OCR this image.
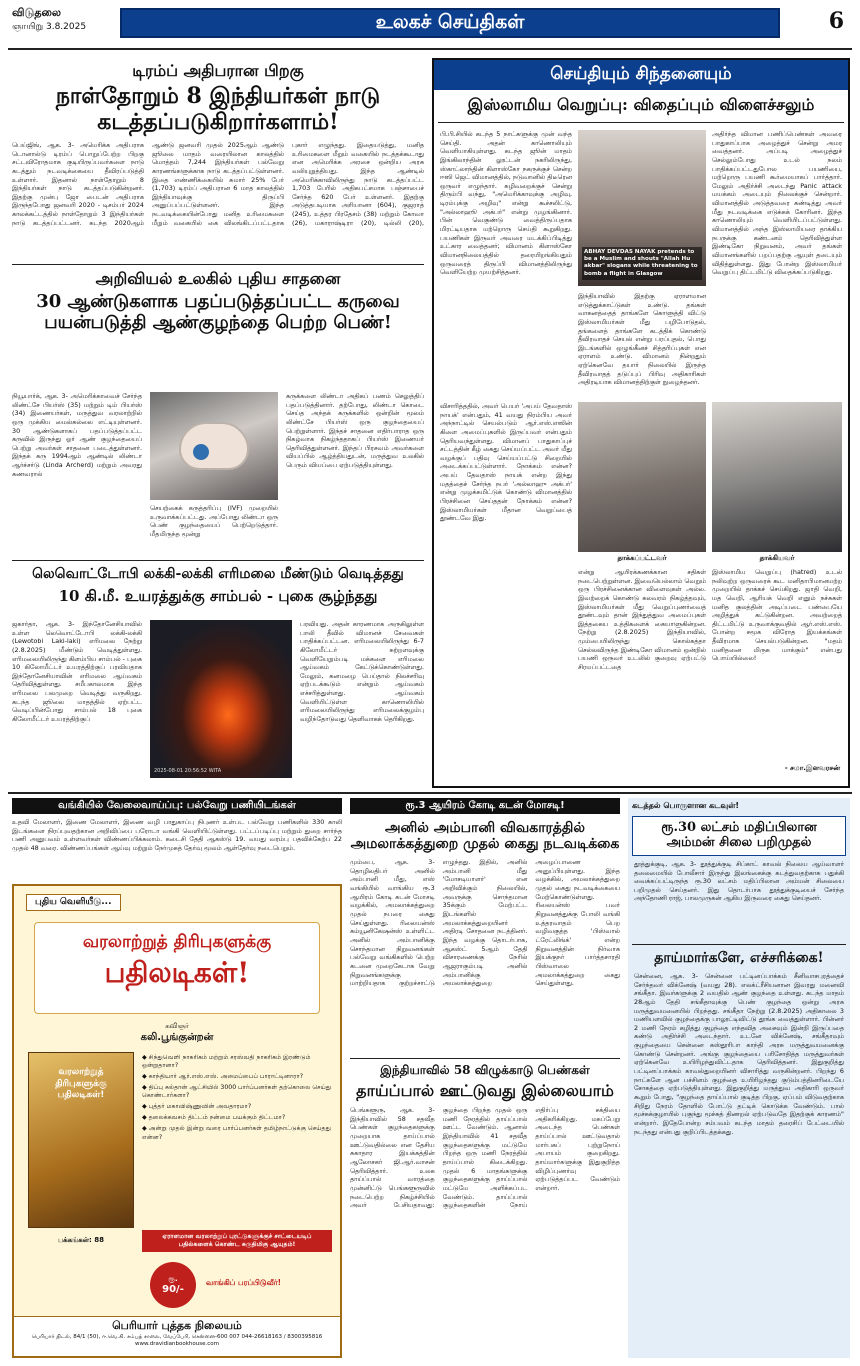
விடுதலை
ஞாயிறு 3.8.2025	உலகச் செய்திகள்	6
டிரம்ப் அதிபரான பிறகு
நாள்தோறும் 8 இந்தியர்கள் நாடு கடத்தப்படுகிறார்களாம்!
பெய்ஜிங், ஆக. 3- அமெரிக்க அதிபராக டொனால்டு டிரம்ப் பொறுப்பேற்ற பிறகு சட்டவிரோதமாக குடியிருப்பவர்களை நாடு கடத்தும் நடவடிக்கையை தீவிரப்படுத்தி உள்ளார். இதனால் நாள்தோறும் 8 இந்தியர்கள் நாடு கடத்தப்படுகின்றனர். இதற்கு முன்பு ஜோ பைடன் அதிபராக இருந்தபோது ஜனவரி 2020 - டிசம்பர் 2024 காலக்கட்டத்தில் நாள்தோறும் 3 இந்தியர்கள் நாடு கடத்தப்பட்டனர். கடந்த 2020ஆம் ஆண்டு ஜனவரி முதல் 2025ஆம் ஆண்டு ஜூலை மாதம் வரையிலான காலத்தில் மொத்தம் 7,244 இந்தியர்கள் பல்வேறு காரணங்களுக்காக நாடு கடத்தப்பட்டுள்ளனர். இதை எண்ணிக்கையில் சுமார் 25% பேர் (1,703) டிரம்ப் அதிபரான 6 மாத காலத்தில் இந்தியாவுக்கு திருப்பி அனுப்பப்பட்டுள்ளனர். இந்த நடவடிக்கையின்போது மனித உரிமைகளை மீறும் வகையில் கை விலங்கிடப்பட்டதாக புகார் எழுந்தது. இதையடுத்து, மனித உரிமைகளை மீறும் வகையில் நடத்தக்கூடாது என அமெரிக்க அரசை ஒன்றிய அரசு வலியுறுத்தியது. இந்த ஆண்டில் அமெரிக்காவிலிருந்து நாடு கடத்தப்பட்ட 1,703 பேரில் அதிகபட்சமாக பஞ்சாபைச் சேர்ந்த 620 பேர் உள்ளனர். இதற்கு அடுத்தபடியாக அரியானா (604), குஜராத் (245), உத்தர பிரதேசம் (38) மற்றும் கோவா (26), மகாராஷ்டிரா (20), டில்லி (20),
அறிவியல் உலகில் புதிய சாதனை
30 ஆண்டுகளாக பதப்படுத்தப்பட்ட கருவை பயன்படுத்தி ஆண்குழந்தை பெற்ற பெண்!
நியூயார்க், ஆக. 3- அமெரிக்காவைச் சேர்ந்த லிண்ட்சே பியர்ஸ் (35) மற்றும் டிம் பியர்ஸ் (34) இணையர்கள், மருத்துவ வரலாற்றில் ஒரு முக்கிய மைல்கல்லை எட்டியுள்ளனர். 30 ஆண்டுகளாகப் பதப்படுத்தப்பட்ட கருவில் இருந்து ஓர் ஆண் குழந்தையைப் பெற்று அவர்கள் சாதனை படைத்துள்ளனர். இந்தக் கரு 1994ஆம் ஆண்டில் லிண்டா ஆர்ச்சர்டு (Linda Archerd) மற்றும் அவரது கணவரால்
செயற்கைக் கருத்தரிப்பு (IVF) முறையில் உருவாக்கப்பட்டது. அப்போது லிண்டா ஒரு பெண் குழந்தையைப் பெற்றெடுத்தார். மீதமிருந்த மூன்று
கருக்களை லிண்டா அதிகப் பணம் செலுத்திப் பதப்படுத்தினார். தற்போது, லிண்டா கொடை செய்த அந்தக் கருக்களில் ஒன்றின் மூலம் லிண்ட்சே பியர்ஸ் ஒரு குழந்தையைப் பெற்றுள்ளார். இந்தச் சாதனை எதிர்பாராத ஒரு நிகழ்வாக நிகழ்ந்ததாகப் பியர்ஸ் இணையர் தெரிவித்துள்ளனர். இந்தப் பிரசவம் அவர்களை வியப்பில் ஆழ்த்தியதுடன், மருத்துவ உலகில் பெரும் வியப்பை ஏற்படுத்தியுள்ளது.
லெவொட்டோபி லக்கி-லக்கி எரிமலை மீண்டும் வெடித்தது
10 கி.மீ. உயரத்துக்கு சாம்பல் - புகை சூழ்ந்தது
ஜகார்தா, ஆக. 3- இந்தோனேசியாவில் உள்ள லெவொட்டோபி லக்கி-லக்கி (Lewotobi Laki-laki) எரிமலை நேற்று (2.8.2025) மீண்டும் வெடித்துள்ளது. எரிமலையிலிருந்து கிளம்பிய சாம்பல் - புகை 10 கிலோமீட்டர் உயரத்திற்குப் பரவியதாக இந்தோனேசியாவின் எரிமலை ஆய்வகம் தெரிவித்துள்ளது. சமீபகாலமாக இந்த எரிமலை பலமுறை வெடித்து வருகிறது. கடந்த ஜூலை மாதத்தில் ஏற்பட்ட வெடிப்பின்போது சாம்பல் 18 புகை கிலோமீட்டர் உயரத்திற்குப்
2025-08-01 20:56:52 WITA
பரவியது. அதன் காரணமாக அருகிலுள்ள பாலி தீவில் விமானச் சேவைகள் பாதிக்கப்பட்டன. எரிமலையிலிருந்து 6-7 கிலோமீட்டர் சுற்றளவுக்கு வெளியேறும்படி மக்களை எரிமலை ஆய்வகம் கேட்டுக்கொண்டுள்ளது. மேலும், கனமழை பெய்தால் நிலச்சரிவு ஏற்படக்கூடும் என்றும் ஆய்வகம் எச்சரித்துள்ளது. ஆய்வகம் வெளியிட்டுள்ள காணொலியில் எரிமலையிலிருந்து எரிமலைக்குழம்பு வழிந்தோடுவது தெளிவாகக் தெரிகிறது.
செய்தியும் சிந்தனையும்
இஸ்லாமிய வெறுப்பு: விதைப்பும் விளைச்சலும்
பி.பி.சியில் கடந்த 5 நாட்களுக்கு முன் வந்த செய்தி. அதன் காணொலியும் வெளியாகியுள்ளது. கடந்த ஜூன் மாதம் இங்கிலாந்தின் லூட்டன் நகரிலிருந்து, ஸ்காட்லாந்தின் கிளாஸ்கோ நகருக்குச் சென்ற ஈஸி ஜெட் விமானத்தில், நடுவானில் திடீரென ஒருவர் எழுந்தார். கழிவறைக்குச் சென்று திரும்பி வந்து, "அமெரிக்காவுக்கு அழிவு, டிரம்புக்கு அழிவு" என்று கூச்சலிட்டு, "அல்லாஹூ அக்பர்" என்று முழங்கினார். பின் வெகுண்டு வைத்திருப்பதாக மிரட்டியதாக மற்றொரு செய்தி கூறுகிறது. பயணிகள் இருவர் அவரை மடக்கிப்பிடித்து உட்கார வைத்தனர்; விமானம் கிளாஸ்கோ விமானநிலையத்தில் தரையிறங்கியதும் ஒருவரைத் திருப்பி விமானத்திலிருந்து வெளியேற்ற முயற்சித்தனர்.
ABHAY DEVDAS NAYAK pretends to be a Muslim and shouts "Allah Hu akbar" slogans while threatening to bomb a flight in Glasgow
இந்தியாவில் இதற்கு ஏராளமான எடுத்துக்காட்டுகள் உண்டு. தங்கள் வாகனத்தைத் தாங்களே கொளுத்தி விட்டு இஸ்லாமியர்கள் மீது பழிபோடுதல், தங்களைத் தாங்களே கடத்திக் கொண்டு தீவிரவாதச் செயல் என்று பரப்புதல், பொது இடங்களில் ஒழுங்கீனச் சித்தரிப்புகள் என ஏராளம் உண்டு. விமானம் நின்றதும் ஏற்கெனவே தயார் நிலையில் இருந்த தீவிரவாதத் தடுப்புப் பிரிவு அதிகாரிகள் அதிரடியாக விமானத்திற்குள் நுழைந்தனர்.
அதிர்ந்த விமான பணிப்பெண்கள் அவரை பாதுகாப்பாக அழைத்துச் சென்று அமர வைத்தனர். அப்படி அழைத்துச் செல்லும்போது உடல் நலம் பாதிக்கப்பட்டதுபோல பயணியை, மற்றொரு பயணி கூர்மையாகப் பார்த்தார். மேலும் அதிர்ச்சி அடைந்து Panic attack மயக்கம் அடையும் நிலைக்குச் சென்றார். விமானத்தில் அடுத்தவரை கண்டித்து அவர் மீது நடவடிக்கை எடுக்கக் கோரினர். இந்த காணொலியும் வெளியிடப்பட்டுள்ளது. விமானத்தில் அந்த இஸ்லாமியரை தாக்கிய நபருக்கு கண்டனம் தெரிவித்துள்ள இண்டிகோ நிறுவனம், அவர் தங்கள் விமானங்களில் பறப்பதற்கு ஆயுள் தடையும் விதித்துள்ளது. இது போன்ற இஸ்லாமியர் வெறுப்பு திட்டமிட்டு விதைக்கப்படுகிறது.
விசாரித்ததில், அவர் பெயர் 'அபய் தேவதாஸ் நாயக்' என்பதும், 41 வயது நிரம்பிய அவர் அந்நாட்டில் செயல்படும் ஆர்.எஸ்.எஸின் கிளை அமைப்புகளில் இருப்பவர் என்பதும் தெரியவந்துள்ளது. விமானப் பாதுகாப்புச் சட்டத்தின் கீழ் கைது செய்யப்பட்ட அவர் மீது வழக்குப் பதிவு செய்யப்பட்டு சிறையில் அடைக்கப்பட்டுள்ளார். நோக்கம் என்ன? அபய் தேவதாஸ் நாயக் என்ற இந்து மதத்தைச் சேர்ந்த நபர் 'அல்லாஹு அக்பர்' என்று முழக்கமிட்டுக் கொண்டு விமானத்தில் பிரச்சினை செய்ததன் நோக்கம் என்ன? இஸ்லாமியர்கள் மீதான வெறுப்பைத் தூண்டவே இது.
தாக்கப்பட்டவர்	தாக்கியவர்
என்று ஆயிரக்கணக்கான சதிகள் நடைபெற்றுள்ளன. இவையெல்லாம் வெறும் ஒரு பிரச்சினைக்கான விளைவுகள் அல்ல. இவற்றைக் கொண்டு கலவரம் நிகழ்த்தவும், இஸ்லாமியர்கள் மீது வெறுப்புணர்வைத் தூண்டவும் தான் இந்துத்துவ அமைப்புகள் இத்தகைய உத்திகளைக் கையாளுகின்றன. நேற்று (2.8.2025) இந்தியாவில், மும்பையிலிருந்து கொல்கத்தா செல்லவிருந்த இண்டிகோ விமானம் ஒன்றில் பயணி ஒருவர் உடலில் குறைவு ஏற்பட்டு சிரமப்பட்டதை
இஸ்லாமிய வெறுப்பு (hatred) உடல் நலிவுற்ற ஒருவரைக் கூட மனிதாபிமானமற்ற முறையில் தாக்கச் செய்கிறது. ஜாதி வெறி, மத வெறி, ஆரியக் வெறி எனும் நச்சுகள் மனித குலத்தின் அடிப்படை பண்பையே அழித்துக் கட்டுகின்றன. அவற்றைத் திட்டமிட்டு உருவாக்குவதில் ஆர்.எஸ்.எஸ். போன்ற சமூக விரோத இயக்கங்கள் தீவிரமாக செயல்படுகின்றன. "மதம் மனிதனை மிருக மாக்கும்" என்பது பொய்யில்லை!
- சமா.இளவரசன்
வங்கியில் வேலைவாய்ப்பு: பல்வேறு பணியிடங்கள்
உதவி மேலாளர், இணை மேலாளர், இணை வழி பாதுகாப்பு நிபுணர் உள்பட பல்வேறு பணிகளில் 330 காலி இடங்களை நிரப்புவதற்கான அறிவிப்பை பரோடா வங்கி வெளியிட்டுள்ளது. பட்டப்படிப்பு மற்றும் துறை சார்ந்த பணி அனுபவம் உள்ளவர்கள் விண்ணப்பிக்கலாம். கடைசி தேதி ஆகஸ்டு 19. வயது வரம்பு பதவிக்கேற்ப 22 முதல் 48 வரை. விண்ணப்பங்கள் ஆய்வு மற்றும் நேர்முகத் தேர்வு மூலம் ஆள்தேர்வு நடைபெறும்.
புதிய வெளியீடு...
வரலாற்றுத் திரிபுகளுக்கு
பதிலடிகள்!
கவிஞர்
கலி.பூங்குன்றன்
வரலாற்றுத் திரிபுகளுக்கு பதிலடிகள்!
◆ சிந்துவெளி நாகரிகம் மற்றும் சரஸ்வதி நாகரிகம் இரண்டும் ஒன்றுதானா?
◆ காந்தியார் ஆர்.எஸ்.எஸ். அமைப்பைப் பாராட்டினாரா?
◆ திப்பு சுல்தான் ஆட்சியில் 3000 பார்ப்பனர்கள் தற்கொலை செய்து கொண்டார்களா?
◆ புத்தர் மகாவிஷ்ணுவின் அவதாரமா?
◆ தலைக்கவசம் திட்டம் நன்மை பயக்கும் திட்டமா?
◆ அன்று முதல் இன்று வரை பார்ப்பனர்கள் தமிழ்நாட்டுக்கு செய்தது என்ன?
ஏராளமான வரலாற்றுப் புரட்டுகளுக்குச் சாட்டையடிப் பதில்களைக் கொண்ட சுருதிமிகு ஆயுதம்!
பக்கங்கள்: 88
ரூ.
90/-
வாங்கிப் பரப்பிடுவீர்!
பெரியார் புத்தக நிலையம்
பெரியார் திடல், 84/1 (50), ஈ.வெ.கி. சம்பத் சாலை, வேப்பேரி, சென்னை-600 007 044-26618163 / 8300395816
www.dravidianbookhouse.com
ரூ.3 ஆயிரம் கோடி கடன் மோசடி!
அனில் அம்பானி விவகாரத்தில் அமலாக்கத்துறை முதல் கைது நடவடிக்கை
மும்பை, ஆக. 3- தொழிலதிபர் அனில் அம்பானி மீது, எஸ் வங்கியில் வாங்கிய ரூ.3 ஆயிரம் கோடி கடன் மோசடி வழக்கில், அமலாக்கத்துறை முதல் நபரை கைது செய்துள்ளது. ரிலையன்ஸ் கம்யூனிகேஷன்ஸ் உள்ளிட்ட அனில் அம்பானிக்கு சொந்தமான நிறுவனங்கள் பல்வேறு வங்கிகளில் பெற்ற கடனை முறைகேடாக வேறு நிறுவனங்களுக்கு மாற்றியதாக குற்றச்சாட்டு எழுந்தது. இதில், அனில் அம்பானி மீது 'மோசடியாளர்' என அறிவிக்கும் நிலையில், அவருக்கு சொந்தமான 35க்கும் மேற்பட்ட இடங்களில் அமலாக்கத்துறையினர் அதிரடி சோதனை நடத்தினர். இந்த வழக்கு தொடர்பாக, ஆகஸ்ட் 5ஆம் தேதி விசாரணைக்கு நேரில் ஆஜராகும்படி அனில் அம்பானிக்கு அமலாக்கத்துறை அழைப்பாணை அனுப்பியுள்ளது. இந்த வழக்கில், அமலாக்கத்துறை முதல் கைது நடவடிக்கையை மேற்கொண்டுள்ளது. ரிலையன்ஸ் பவர் நிறுவனத்துக்கு போலி வங்கி உத்தரவாதம் பெற வழிவகுத்த 'பிஸ்வால் ட்ரேட்லிங்க்' என்ற நிறுவனத்தின் நிர்வாக இயக்குநர் பார்த்தசாரதி பிஸ்வாலை அமலாக்கத்துறை கைது செய்துள்ளது.
இந்தியாவில் 58 விழுக்காடு பெண்கள்
தாய்ப்பால் ஊட்டுவது இல்லையாம்
பெங்களூரு, ஆக. 3- இந்தியாவில் 58 சதவீத பெண்கள் குழந்தைகளுக்கு முறையாக தாய்ப்பால் ஊட்டுவதில்லை என தேசிய சுகாதார இயக்கத்தின் ஆலோசகர் ஜி.ஆர்.வாசன் தெரிவித்தார். உலக தாய்ப்பால் வாரத்தை முன்னிட்டு பெங்களூருவில் நடைபெற்ற நிகழ்ச்சியில் அவர் பேசியதாவது: குழந்தை பிறந்த முதல் ஒரு மணி நேரத்தில் தாய்ப்பால் ஊட்ட வேண்டும். ஆனால் இந்தியாவில் 41 சதவீத குழந்தைகளுக்கு மட்டுமே பிறந்த ஒரு மணி நேரத்தில் தாய்ப்பால் கிடைக்கிறது. முதல் 6 மாதங்களுக்கு குழந்தைகளுக்கு தாய்ப்பால் மட்டுமே அளிக்கப்பட வேண்டும். தாய்ப்பால் குழந்தைகளின் நோய் எதிர்ப்பு சக்தியை அதிகரிக்கிறது. மகப்பேறு அடைந்த பெண்கள் தாய்ப்பால் ஊட்டுவதால் மார்பகப் புற்றுநோய் அபாயம் குறைகிறது. தாய்மார்களுக்கு இதுகுறித்த விழிப்புணர்வு ஏற்படுத்தப்பட வேண்டும் என்றார்.
கடத்தல் பொருளான கடவுள்!
ரூ.30 லட்சம் மதிப்பிலான அம்மன் சிலை பறிமுதல்
தூத்துக்குடி, ஆக. 3- தூத்துக்குடி சிப்காட் காவல் நிலைய ஆய்வாளர் தலைமையில் போலீசார் இருந்து இலங்கைக்கு கடத்துவதற்காக பதுக்கி வைக்கப்பட்டிருந்த ரூ.30 லட்சம் மதிப்பிலான அம்மன் சிலையை பறிமுதல் செய்தனர். இது தொடர்பாக தூத்துக்குடியைச் சேர்ந்த அந்தோணி ராஜ், பாலமுருகன் ஆகிய இருவரை கைது செய்தனர்.
தாய்மார்களே, எச்சரிக்கை!
சென்னை, ஆக. 3- சென்னை பட்டினப்பாக்கம் சீனிவாசபுரத்தைச் சேர்ந்தவர் விக்னேஷ் (வயது 28). எலக்ட்ரீசியனான இவரது மனைவி சங்கீதா. இவர்களுக்கு 2 வயதில் ஆண் குழந்தை உள்ளது. கடந்த மாதம் 28ஆம் தேதி சங்கீதாவுக்கு பெண் குழந்தை ஒன்று அரசு மருத்துவமனையில் பிறந்தது. சங்கீதா நேற்று (2.8.2025) அதிகாலை 3 மணியளவில் குழந்தைக்கு பாலூட்டிவிட்டு தூங்க வைத்துள்ளார். பின்னர் 2 மணி நேரம் கழித்து குழந்தை எந்தவித அசைவும் இன்றி இருப்பதை கண்டு அதிர்ச்சி அடைந்தார். உடனே விக்னேஷ், சங்கீதாவும் குழந்தையை சென்னை கஸ்தூரிபா காந்தி அரசு மருத்துவமனைக்கு கொண்டு சென்றனர். அங்கு குழந்தையை பரிசோதித்த மருத்துவர்கள் ஏற்கெனவே உயிரிழந்துவிட்டதாக தெரிவித்தனர். இதுகுறித்து பட்டினப்பாக்கம் காவல்துறையினர் விசாரித்து வருகின்றனர். பிறந்து 6 நாட்களே ஆன பச்சிளம் குழந்தை உயிரிழந்தது குடும்பத்தினரிடையே சோகத்தை ஏற்படுத்தியுள்ளது. இதுகுறித்து மருத்துவ அதிகாரி ஒருவர் கூறும் போது, "குழந்தை தாய்ப்பால் குடித்த பிறகு, ஏப்பம் விடுவதற்காக சிறிது நேரம் தோளில் போட்டு தட்டிக் கொடுக்க வேண்டும். பால் மூச்சுக்குழாயில் புகுந்து மூச்சுத் திணறல் ஏற்படுவதே இதற்குக் காரணம்" என்றார். இதேபோன்ற சம்பவம் கடந்த மாதம் தரைசிப் பேட்டையில் நடந்தது என்பது குறிப்பிடத்தக்கது.
